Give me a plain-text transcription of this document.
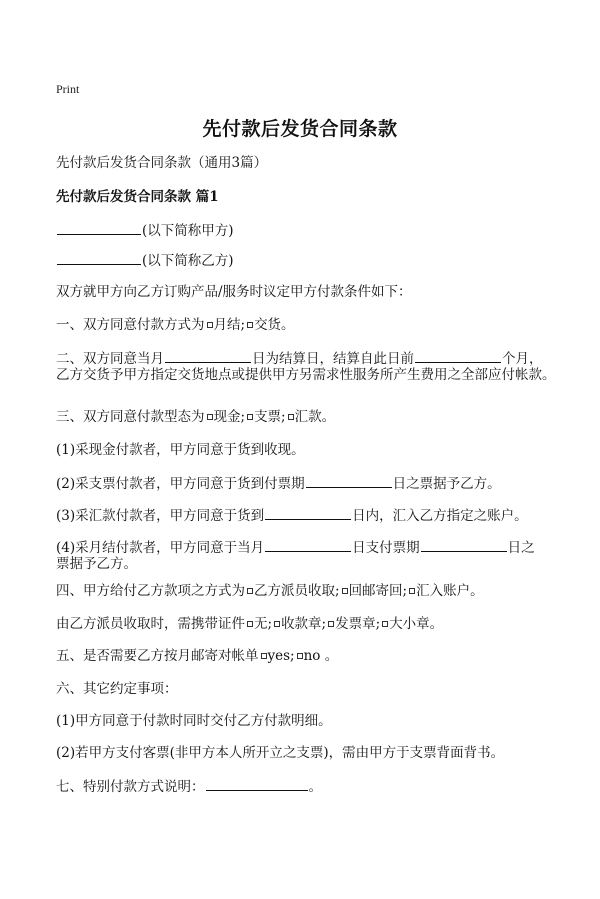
Print
先付款后发货合同条款
先付款后发货合同条款（通用3篇）
先付款后发货合同条款 篇1
(以下简称甲方)
(以下简称乙方)
双方就甲方向乙方订购产品/服务时议定甲方付款条件如下：
一、双方同意付款方式为 月结; 交货。
二、双方同意当月	日为结算日，结算自此日前	个月，
乙方交货予甲方指定交货地点或提供甲方另需求性服务所产生费用之全部应付帐款。
三、双方同意付款型态为 现金; 支票; 汇款。
(1)采现金付款者，甲方同意于货到收现。
(2)采支票付款者，甲方同意于货到付票期	日之票据予乙方。
(3)采汇款付款者，甲方同意于货到	日内，汇入乙方指定之账户。
(4)采月结付款者，甲方同意于当月	日支付票期	日之
票据予乙方。
四、甲方给付乙方款项之方式为 乙方派员收取; 回邮寄回; 汇入账户。
由乙方派员收取时，需携带证件 无; 收款章; 发票章; 大小章。
五、是否需要乙方按月邮寄对帐单 yes; no 。
六、其它约定事项：
(1)甲方同意于付款时同时交付乙方付款明细。
(2)若甲方支付客票(非甲方本人所开立之支票)，需由甲方于支票背面背书。
七、特别付款方式说明：	。
